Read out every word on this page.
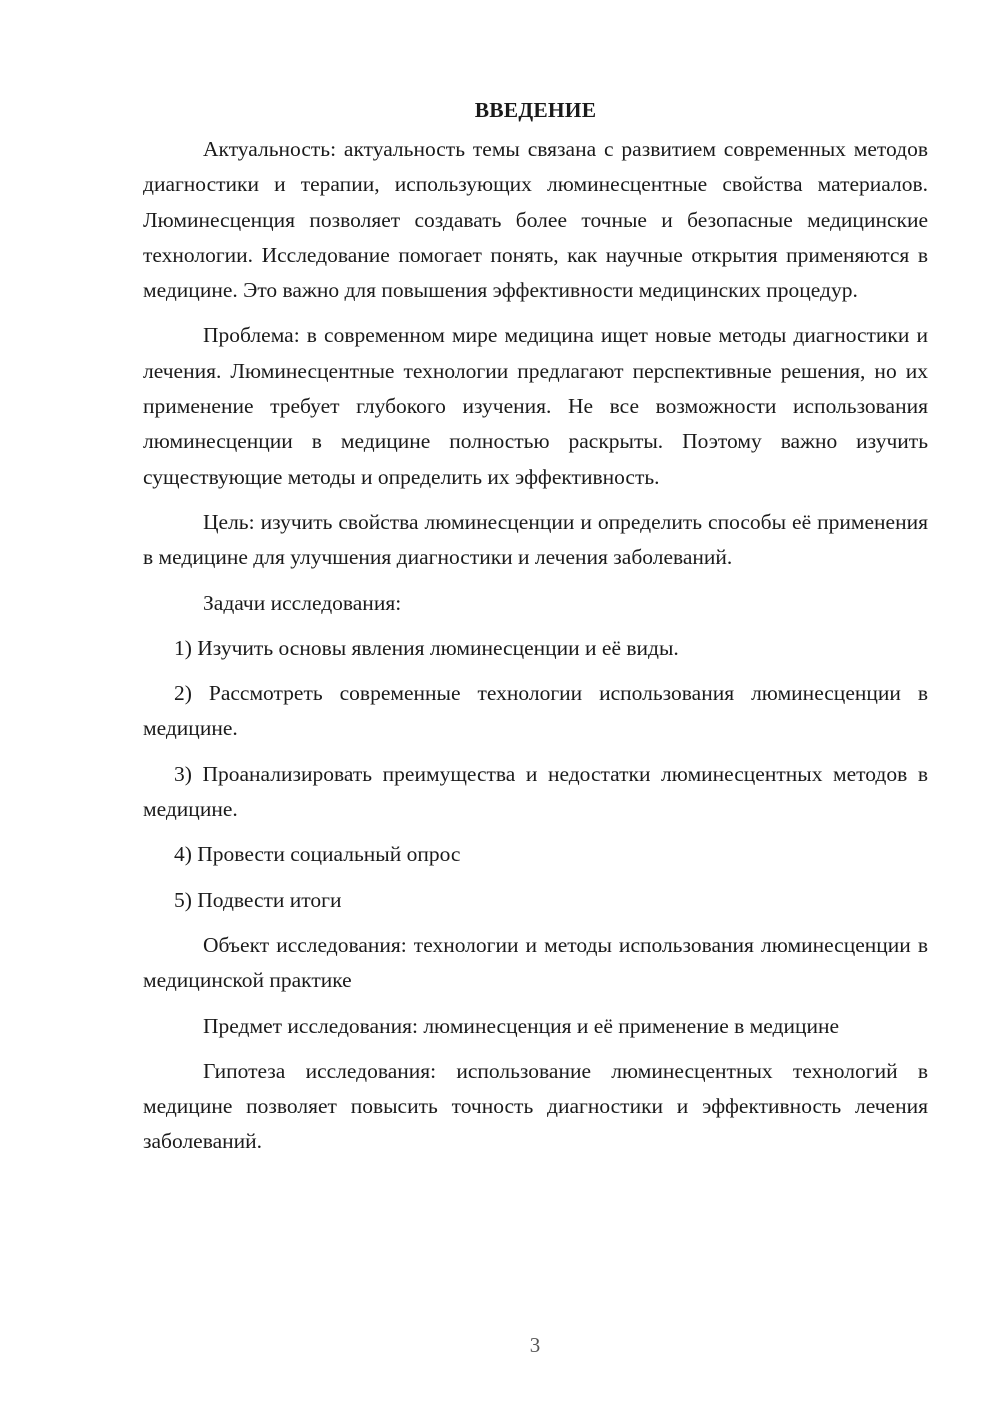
ВВЕДЕНИЕ

Актуальность: актуальность темы связана с развитием современных методов диагностики и терапии, использующих люминесцентные свойства материалов. Люминесценция позволяет создавать более точные и безопасные медицинские технологии. Исследование помогает понять, как научные открытия применяются в медицине. Это важно для повышения эффективности медицинских процедур.

Проблема: в современном мире медицина ищет новые методы диагностики и лечения. Люминесцентные технологии предлагают перспективные решения, но их применение требует глубокого изучения. Не все возможности использования люминесценции в медицине полностью раскрыты. Поэтому важно изучить существующие методы и определить их эффективность.

Цель: изучить свойства люминесценции и определить способы её применения в медицине для улучшения диагностики и лечения заболеваний.

Задачи исследования:

1) Изучить основы явления люминесценции и её виды.

2) Рассмотреть современные технологии использования люминесценции в медицине.

3) Проанализировать преимущества и недостатки люминесцентных методов в медицине.

4) Провести социальный опрос

5) Подвести итоги

Объект исследования: технологии и методы использования люминесценции в медицинской практике

Предмет исследования: люминесценция и её применение в медицине

Гипотеза исследования: использование люминесцентных технологий в медицине позволяет повысить точность диагностики и эффективность лечения заболеваний.

3
